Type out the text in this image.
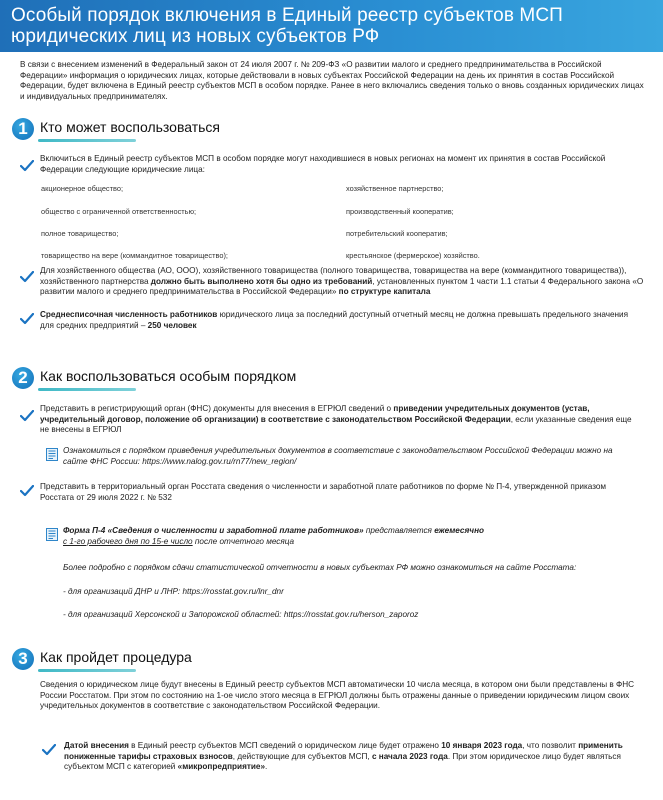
Особый порядок включения в Единый реестр субъектов МСП
юридических лиц из новых субъектов РФ
В связи с внесением изменений в Федеральный закон от 24 июля 2007 г. № 209-ФЗ «О развитии малого и среднего предпринимательства в Российской Федерации» информация о юридических лицах, которые действовали в новых субъектах Российской Федерации на день их принятия в состав Российской Федерации, будет включена в Единый реестр субъектов МСП в особом порядке. Ранее в него включались сведения только о вновь созданных юридических лицах и индивидуальных предпринимателях.
1 Кто может воспользоваться
Включиться в Единый реестр субъектов МСП в особом порядке могут находившиеся в новых регионах на момент их принятия в состав Российской Федерации следующие юридические лица:
акционерное общество;
общество с ограниченной ответственностью;
полное товарищество;
товарищество на вере (коммандитное товарищество);
хозяйственное партнерство;
производственный кооператив;
потребительский кооператив;
крестьянское (фермерское) хозяйство.
Для хозяйственного общества (АО, ООО), хозяйственного товарищества (полного товарищества, товарищества на вере (коммандитного товарищества)), хозяйственного партнерства должно быть выполнено хотя бы одно из требований, установленных пунктом 1 части 1.1 статьи 4 Федерального закона «О развитии малого и среднего предпринимательства в Российской Федерации» по структуре капитала
Среднесписочная численность работников юридического лица за последний доступный отчетный месяц не должна превышать предельного значения для средних предприятий – 250 человек
2 Как воспользоваться особым порядком
Представить в регистрирующий орган (ФНС) документы для внесения в ЕГРЮЛ сведений о приведении учредительных документов (устав, учредительный договор, положение об организации) в соответствие с законодательством Российской Федерации, если указанные сведения еще не внесены в ЕГРЮЛ
Ознакомиться с порядком приведения учредительных документов в соответствие с законодательством Российской Федерации можно на сайте ФНС России: https://www.nalog.gov.ru/rn77/new_region/
Представить в территориальный орган Росстата сведения о численности и заработной плате работников по форме № П-4, утвержденной приказом Росстата от 29 июля 2022 г. № 532
Форма П-4 «Сведения о численности и заработной плате работников» представляется ежемесячно
с 1-го рабочего дня по 15-е число после отчетного месяца
Более подробно с порядком сдачи статистической отчетности в новых субъектах РФ можно ознакомиться на сайте Росстата:
- для организаций ДНР и ЛНР: https://rosstat.gov.ru/lnr_dnr
- для организаций Херсонской и Запорожской областей: https://rosstat.gov.ru/herson_zaporoz
3 Как пройдет процедура
Сведения о юридическом лице будут внесены в Единый реестр субъектов МСП автоматически 10 числа месяца, в котором они были представлены в ФНС России Росстатом. При этом по состоянию на 1-ое число этого месяца в ЕГРЮЛ должны быть отражены данные о приведении юридическим лицом своих учредительных документов в соответствие с законодательством Российской Федерации.
Датой внесения в Единый реестр субъектов МСП сведений о юридическом лице будет отражено 10 января 2023 года, что позволит применить пониженные тарифы страховых взносов, действующие для субъектов МСП, с начала 2023 года. При этом юридическое лицо будет являться субъектом МСП с категорией «микропредприятие».
